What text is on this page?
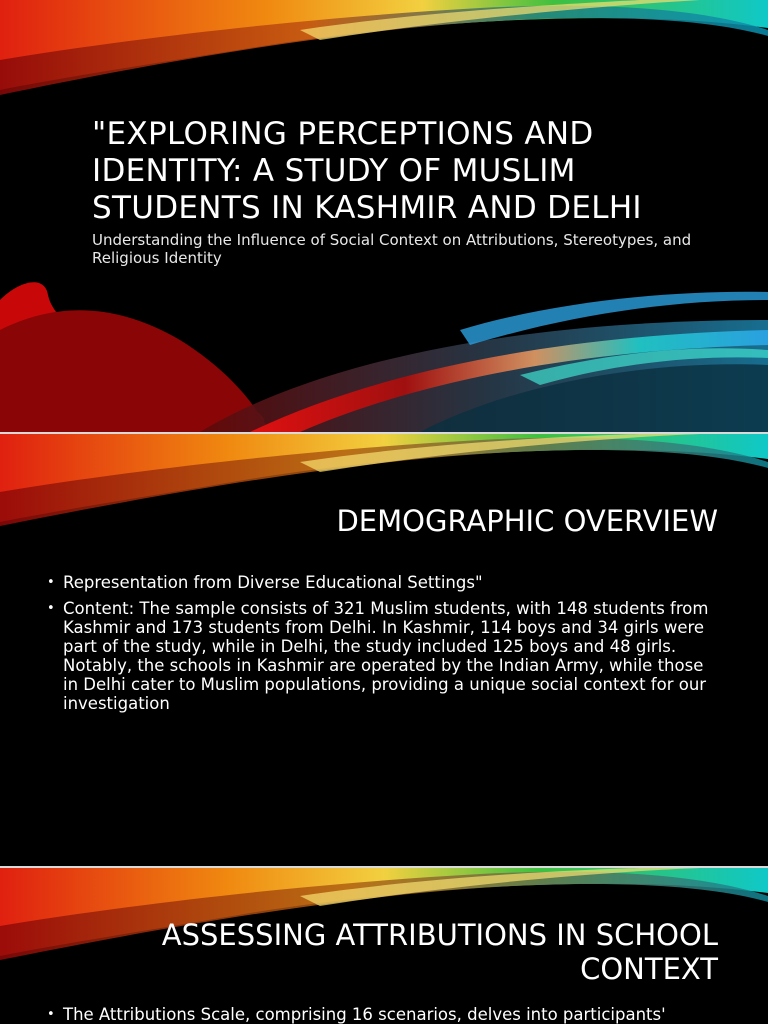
"EXPLORING PERCEPTIONS AND IDENTITY: A STUDY OF MUSLIM STUDENTS IN KASHMIR AND DELHI

Understanding the Influence of Social Context on Attributions, Stereotypes, and Religious Identity

DEMOGRAPHIC OVERVIEW
• Representation from Diverse Educational Settings"
• Content: The sample consists of 321 Muslim students, with 148 students from Kashmir and 173 students from Delhi. In Kashmir, 114 boys and 34 girls were part of the study, while in Delhi, the study included 125 boys and 48 girls. Notably, the schools in Kashmir are operated by the Indian Army, while those in Delhi cater to Muslim populations, providing a unique social context for our investigation
ASSESSING ATTRIBUTIONS IN SCHOOL CONTEXT
• The Attributions Scale, comprising 16 scenarios, delves into participants'
